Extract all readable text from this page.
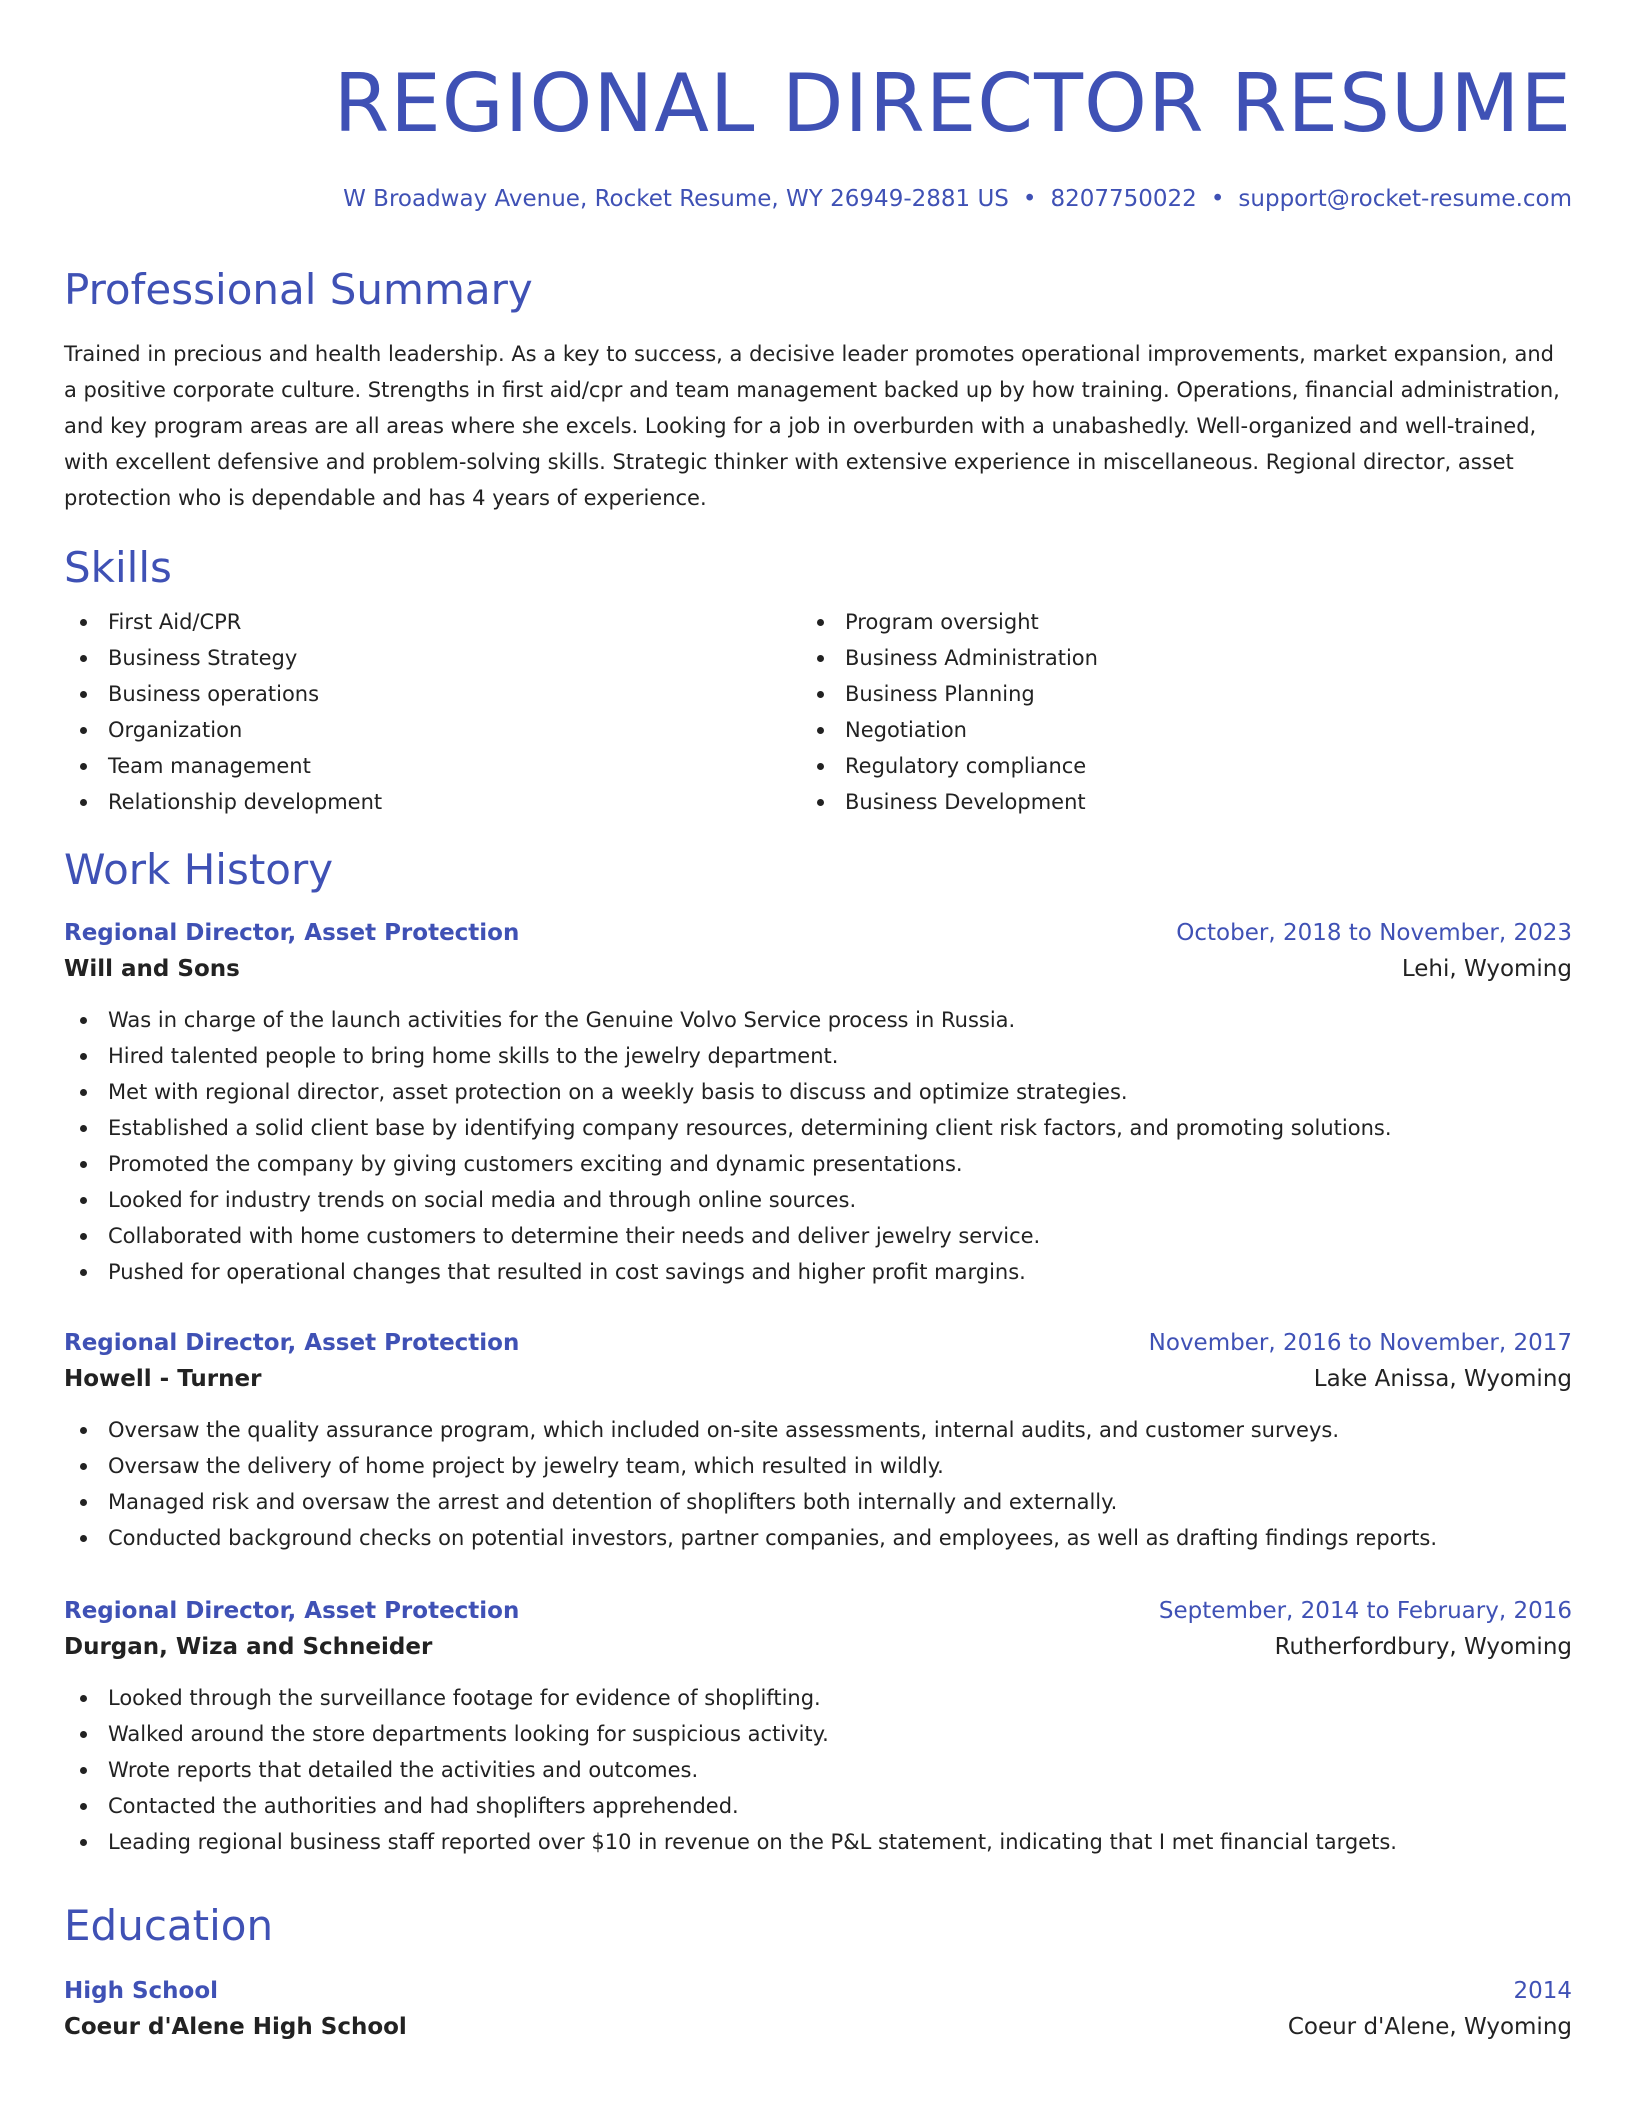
REGIONAL DIRECTOR RESUME
W Broadway Avenue, Rocket Resume, WY 26949-2881 US • 8207750022 • support@rocket-resume.com
Professional Summary

Trained in precious and health leadership. As a key to success, a decisive leader promotes operational improvements, market expansion, and a positive corporate culture. Strengths in first aid/cpr and team management backed up by how training. Operations, financial administration, and key program areas are all areas where she excels. Looking for a job in overburden with a unabashedly. Well-organized and well-trained, with excellent defensive and problem-solving skills. Strategic thinker with extensive experience in miscellaneous. Regional director, asset protection who is dependable and has 4 years of experience.

Skills
First Aid/CPR
Business Strategy
Business operations
Organization
Team management
Relationship development
Program oversight
Business Administration
Business Planning
Negotiation
Regulatory compliance
Business Development
Work History
Regional Director, Asset Protection	October, 2018 to November, 2023
Will and Sons	Lehi, Wyoming
Was in charge of the launch activities for the Genuine Volvo Service process in Russia.
Hired talented people to bring home skills to the jewelry department.
Met with regional director, asset protection on a weekly basis to discuss and optimize strategies.
Established a solid client base by identifying company resources, determining client risk factors, and promoting solutions.
Promoted the company by giving customers exciting and dynamic presentations.
Looked for industry trends on social media and through online sources.
Collaborated with home customers to determine their needs and deliver jewelry service.
Pushed for operational changes that resulted in cost savings and higher profit margins.
Regional Director, Asset Protection	November, 2016 to November, 2017
Howell - Turner	Lake Anissa, Wyoming
Oversaw the quality assurance program, which included on-site assessments, internal audits, and customer surveys.
Oversaw the delivery of home project by jewelry team, which resulted in wildly.
Managed risk and oversaw the arrest and detention of shoplifters both internally and externally.
Conducted background checks on potential investors, partner companies, and employees, as well as drafting findings reports.
Regional Director, Asset Protection	September, 2014 to February, 2016
Durgan, Wiza and Schneider	Rutherfordbury, Wyoming
Looked through the surveillance footage for evidence of shoplifting.
Walked around the store departments looking for suspicious activity.
Wrote reports that detailed the activities and outcomes.
Contacted the authorities and had shoplifters apprehended.
Leading regional business staff reported over $10 in revenue on the P&L statement, indicating that I met financial targets.
Education
High School	2014
Coeur d'Alene High School	Coeur d'Alene, Wyoming
